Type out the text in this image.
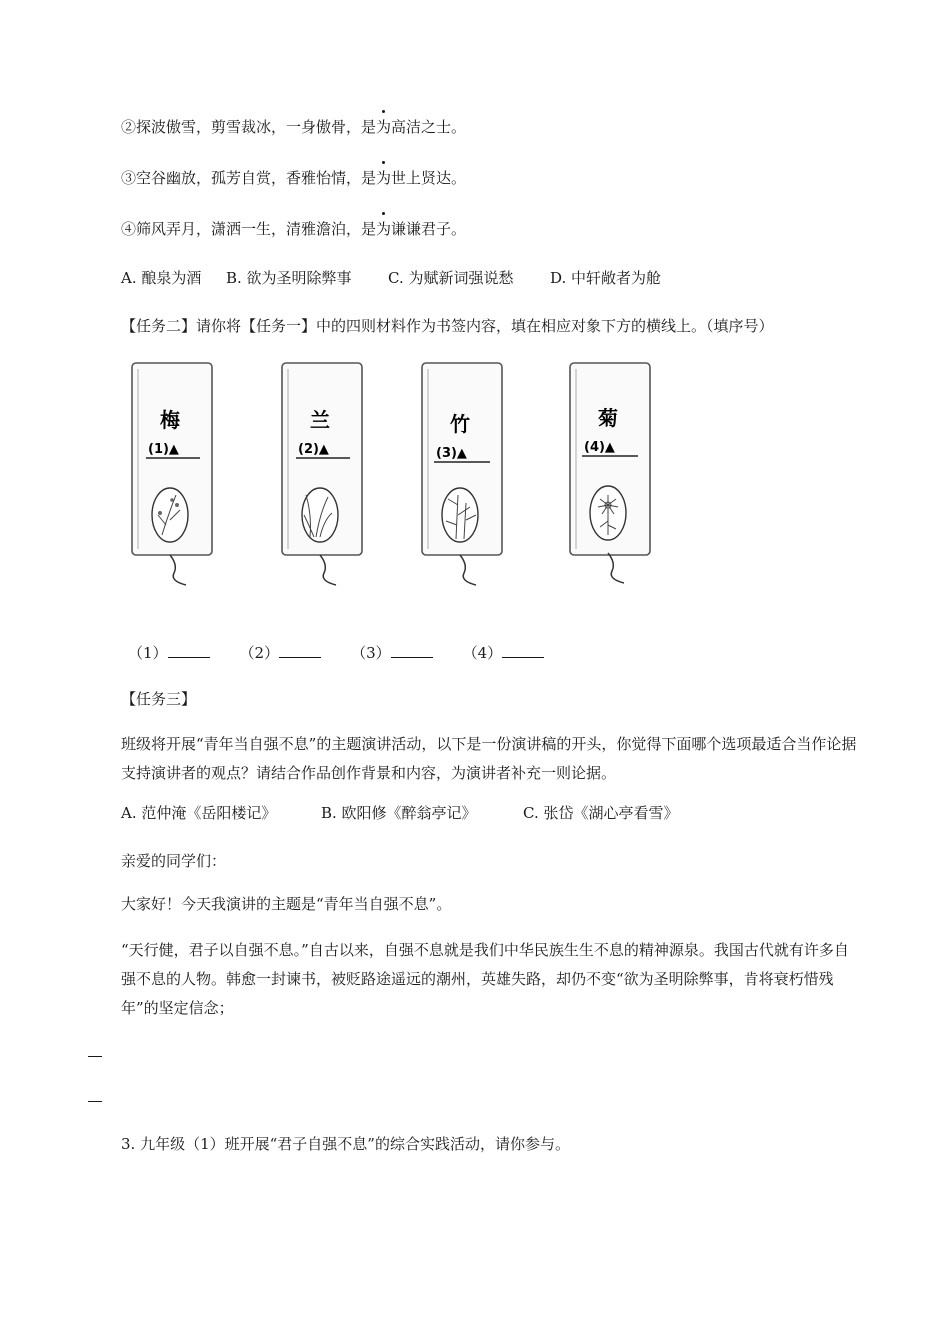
②探波傲雪，剪雪裁冰，一身傲骨，是为高洁之士。
③空谷幽放，孤芳自赏，香雅怡情，是为世上贤达。
④筛风弄月，潇洒一生，清雅澹泊，是为谦谦君子。
A. 酿泉为酒 B. 欲为圣明除弊事 C. 为赋新词强说愁 D. 中轩敞者为舱
【任务二】请你将【任务一】中的四则材料作为书签内容，填在相应对象下方的横线上。（填序号）
梅
(1)▲
兰
(2)▲
竹
(3)▲
菊
(4)▲
（1）	（2）	（3）	（4）
【任务三】
班级将开展“青年当自强不息”的主题演讲活动，以下是一份演讲稿的开头，你觉得下面哪个选项最适合当作论据支持演讲者的观点？请结合作品创作背景和内容，为演讲者补充一则论据。
A. 范仲淹《岳阳楼记》	B. 欧阳修《醉翁亭记》	C. 张岱《湖心亭看雪》
亲爱的同学们：
大家好！今天我演讲的主题是“青年当自强不息”。
“天行健，君子以自强不息。”自古以来，自强不息就是我们中华民族生生不息的精神源泉。我国古代就有许多自强不息的人物。韩愈一封谏书，被贬路途遥远的潮州，英雄失路，却仍不变“欲为圣明除弊事，肯将衰朽惜残年”的坚定信念；
3. 九年级（1）班开展“君子自强不息”的综合实践活动，请你参与。
